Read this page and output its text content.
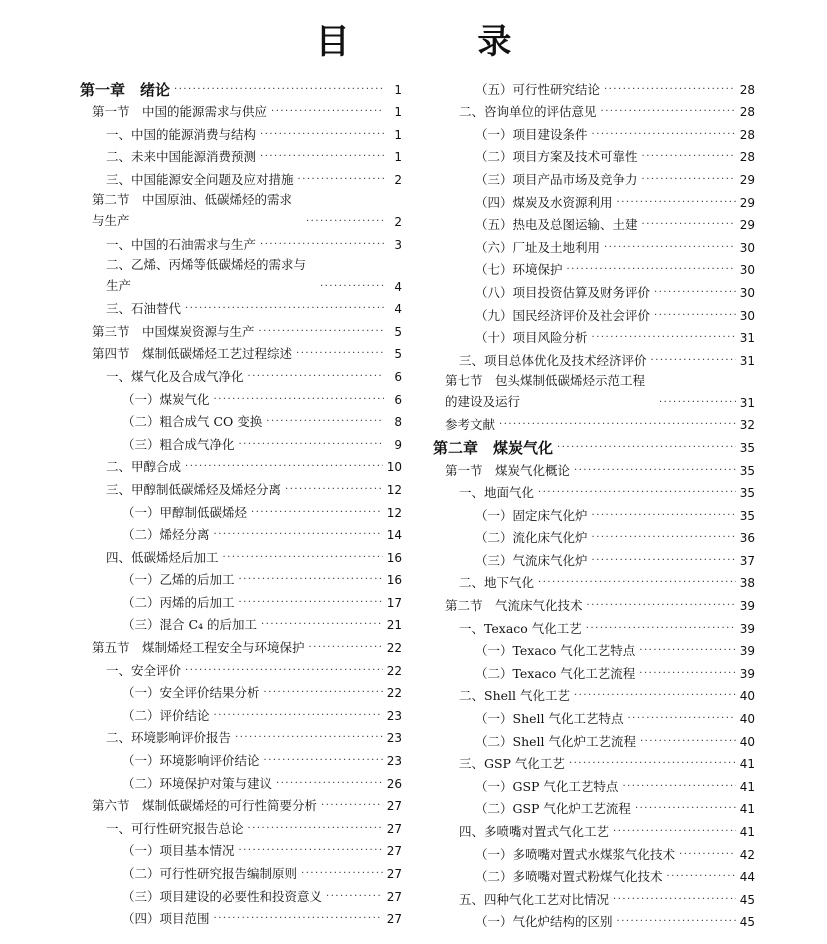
目 录
第一章　绪论 ·····	1
第一节　中国的能源需求与供应 ·····	1
一、中国的能源消费与结构 ·····	1
二、未来中国能源消费预测 ·····	1
三、中国能源安全问题及应对措施 ·····	2
第二节　中国原油、低碳烯烃的需求与生产 ·····	2
一、中国的石油需求与生产 ·····	3
二、乙烯、丙烯等低碳烯烃的需求与生产 ·····	4
三、石油替代 ·····	4
第三节　中国煤炭资源与生产 ·····	5
第四节　煤制低碳烯烃工艺过程综述 ·····	5
一、煤气化及合成气净化 ·····	6
（一）煤炭气化 ·····	6
（二）粗合成气 CO 变换 ·····	8
（三）粗合成气净化 ·····	9
二、甲醇合成 ·····	10
三、甲醇制低碳烯烃及烯烃分离 ·····	12
（一）甲醇制低碳烯烃 ·····	12
（二）烯烃分离 ·····	14
四、低碳烯烃后加工 ·····	16
（一）乙烯的后加工 ·····	16
（二）丙烯的后加工 ·····	17
（三）混合 C₄ 的后加工 ·····	21
第五节　煤制烯烃工程安全与环境保护 ·····	22
一、安全评价 ·····	22
（一）安全评价结果分析 ·····	22
（二）评价结论 ·····	23
二、环境影响评价报告 ·····	23
（一）环境影响评价结论 ·····	23
（二）环境保护对策与建议 ·····	26
第六节　煤制低碳烯烃的可行性简要分析 ·····	27
一、可行性研究报告总论 ·····	27
（一）项目基本情况 ·····	27
（二）可行性研究报告编制原则 ·····	27
（三）项目建设的必要性和投资意义 ·····	27
（四）项目范围 ·····	27
（五）可行性研究结论 ·····	28
二、咨询单位的评估意见 ·····	28
（一）项目建设条件 ·····	28
（二）项目方案及技术可靠性 ·····	28
（三）项目产品市场及竞争力 ·····	29
（四）煤炭及水资源利用 ·····	29
（五）热电及总图运输、土建 ·····	29
（六）厂址及土地利用 ·····	30
（七）环境保护 ·····	30
（八）项目投资估算及财务评价 ·····	30
（九）国民经济评价及社会评价 ·····	30
（十）项目风险分析 ·····	31
三、项目总体优化及技术经济评价 ·····	31
第七节　包头煤制低碳烯烃示范工程的建设及运行 ·····	31
参考文献 ·····	32
第二章　煤炭气化 ·····	35
第一节　煤炭气化概论 ·····	35
一、地面气化 ·····	35
（一）固定床气化炉 ·····	35
（二）流化床气化炉 ·····	36
（三）气流床气化炉 ·····	37
二、地下气化 ·····	38
第二节　气流床气化技术 ·····	39
一、Texaco 气化工艺 ·····	39
（一）Texaco 气化工艺特点 ·····	39
（二）Texaco 气化工艺流程 ·····	39
二、Shell 气化工艺 ·····	40
（一）Shell 气化工艺特点 ·····	40
（二）Shell 气化炉工艺流程 ·····	40
三、GSP 气化工艺 ·····	41
（一）GSP 气化工艺特点 ·····	41
（二）GSP 气化炉工艺流程 ·····	41
四、多喷嘴对置式气化工艺 ·····	41
（一）多喷嘴对置式水煤浆气化技术 ·····	42
（二）多喷嘴对置式粉煤气化技术 ·····	44
五、四种气化工艺对比情况 ·····	45
（一）气化炉结构的区别 ·····	45
